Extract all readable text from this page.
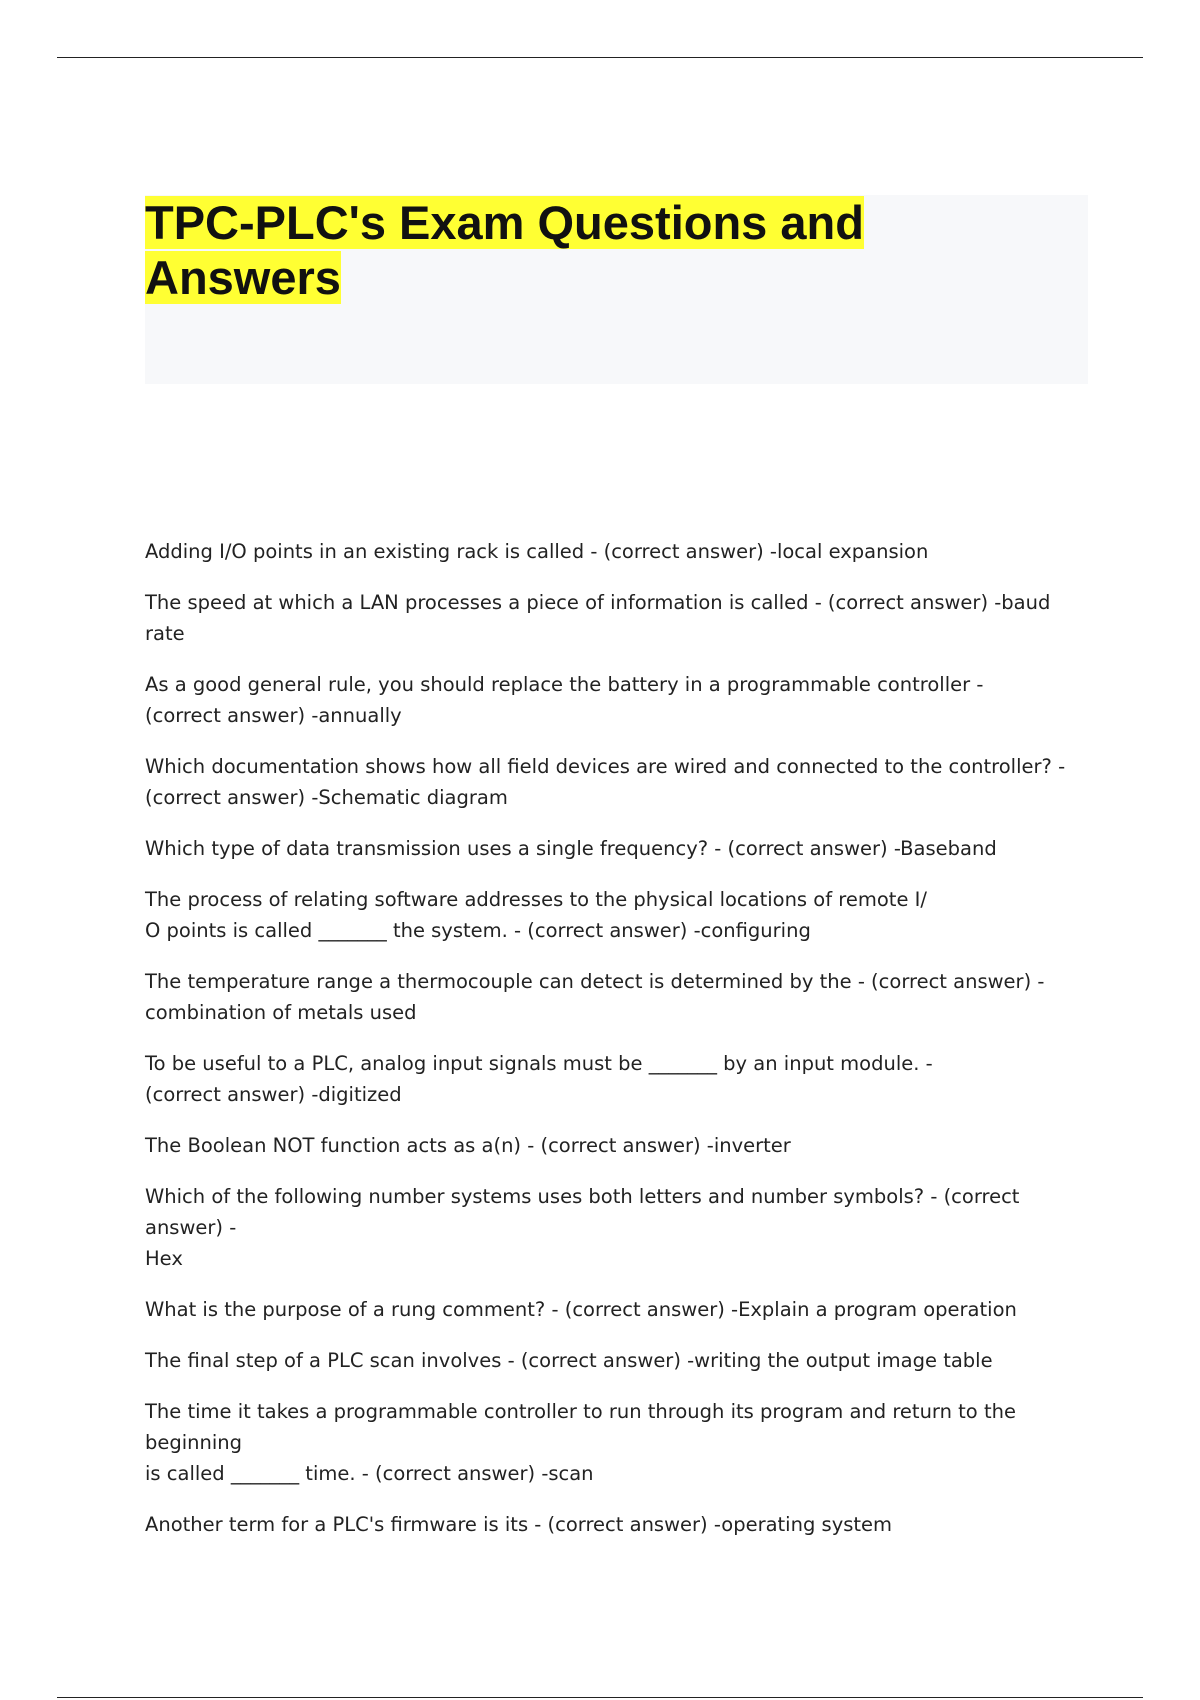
TPC-PLC's Exam Questions and Answers

Adding I/O points in an existing rack is called - (correct answer) -local expansion

The speed at which a LAN processes a piece of information is called - (correct answer) -baud rate

As a good general rule, you should replace the battery in a programmable controller -
(correct answer) -annually

Which documentation shows how all field devices are wired and connected to the controller? -
(correct answer) -Schematic diagram

Which type of data transmission uses a single frequency? - (correct answer) -Baseband

The process of relating software addresses to the physical locations of remote I/
O points is called _______ the system. - (correct answer) -configuring

The temperature range a thermocouple can detect is determined by the - (correct answer) -
combination of metals used

To be useful to a PLC, analog input signals must be _______ by an input module. -
(correct answer) -digitized

The Boolean NOT function acts as a(n) - (correct answer) -inverter

Which of the following number systems uses both letters and number symbols? - (correct answer) -
Hex

What is the purpose of a rung comment? - (correct answer) -Explain a program operation

The final step of a PLC scan involves - (correct answer) -writing the output image table

The time it takes a programmable controller to run through its program and return to the beginning
is called _______ time. - (correct answer) -scan

Another term for a PLC's firmware is its - (correct answer) -operating system
